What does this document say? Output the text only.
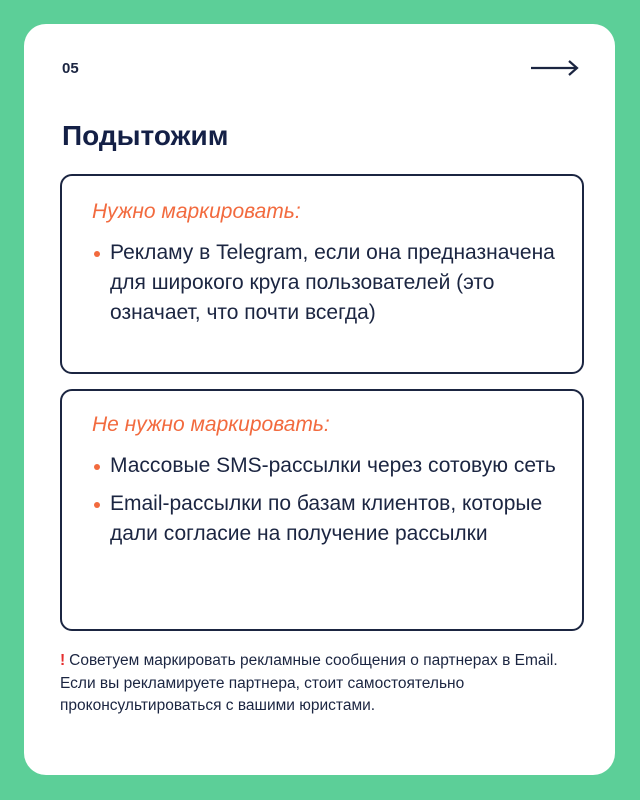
05
Подытожим
Нужно маркировать:
Рекламу в Telegram, если она предназначена для широкого круга пользователей (это означает, что почти всегда)
Не нужно маркировать:
Массовые SMS-рассылки через сотовую сеть
Email-рассылки по базам клиентов, которые дали согласие на получение рассылки
! Советуем маркировать рекламные сообщения о партнерах в Email. Если вы рекламируете партнера, стоит самостоятельно проконсультироваться с вашими юристами.
